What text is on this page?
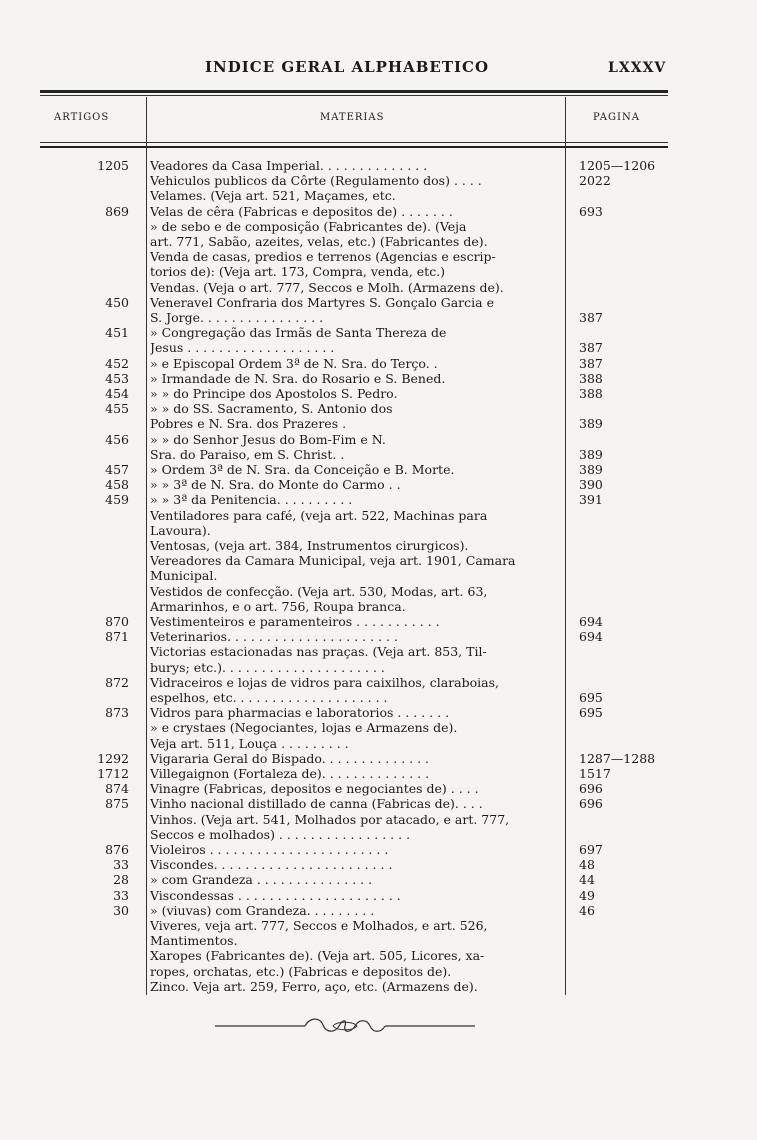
INDICE GERAL ALPHABETICO	LXXXV
ARTIGOS	MATERIAS	PAGINA
1205 Veadores da Casa Imperial. . . . . . . . . . . . . .	1205—1206
Vehiculos publicos da Côrte (Regulamento dos) . . . .	2022
Velames. (Veja art. 521, Maçames, etc.
869 Velas de cêra (Fabricas e depositos de) . . . . . . .	693
» de sebo e de composição (Fabricantes de). (Veja
art. 771, Sabão, azeites, velas, etc.) (Fabricantes de).
Venda de casas, predios e terrenos (Agencias e escrip-
torios de): (Veja art. 173, Compra, venda, etc.)
Vendas. (Veja o art. 777, Seccos e Molh. (Armazens de).
450 Veneravel Confraria dos Martyres S. Gonçalo Garcia e
S. Jorge. . . . . . . . . . . . . . . .	387
451 » Congregação das Irmãs de Santa Thereza de
Jesus . . . . . . . . . . . . . . . . . . .	387
452 » e Episcopal Ordem 3ª de N. Sra. do Terço. .	387
453 » Irmandade de N. Sra. do Rosario e S. Bened.	388
454 » » do Principe dos Apostolos S. Pedro.	388
455 » » do SS. Sacramento, S. Antonio dos
Pobres e N. Sra. dos Prazeres .	389
456 » » do Senhor Jesus do Bom-Fim e N.
Sra. do Paraiso, em S. Christ. .	389
457 » Ordem 3ª de N. Sra. da Conceição e B. Morte.	389
458 » » 3ª de N. Sra. do Monte do Carmo . .	390
459 » » 3ª da Penitencia. . . . . . . . . .	391
Ventiladores para café, (veja art. 522, Machinas para
Lavoura).
Ventosas, (veja art. 384, Instrumentos cirurgicos).
Vereadores da Camara Municipal, veja art. 1901, Camara
Municipal.
Vestidos de confecção. (Veja art. 530, Modas, art. 63,
Armarinhos, e o art. 756, Roupa branca.
870 Vestimenteiros e paramenteiros . . . . . . . . . . .	694
871 Veterinarios. . . . . . . . . . . . . . . . . . . . . .	694
Victorias estacionadas nas praças. (Veja art. 853, Til-
burys; etc.). . . . . . . . . . . . . . . . . . . . .
872 Vidraceiros e lojas de vidros para caixilhos, claraboias,
espelhos, etc. . . . . . . . . . . . . . . . . . . .	695
873 Vidros para pharmacias e laboratorios . . . . . . .	695
» e crystaes (Negociantes, lojas e Armazens de).
Veja art. 511, Louça . . . . . . . . .
1292 Vigararia Geral do Bispado. . . . . . . . . . . . . .	1287—1288
1712 Villegaignon (Fortaleza de). . . . . . . . . . . . . .	1517
874 Vinagre (Fabricas, depositos e negociantes de) . . . .	696
875 Vinho nacional distillado de canna (Fabricas de). . . .	696
Vinhos. (Veja art. 541, Molhados por atacado, e art. 777,
Seccos e molhados) . . . . . . . . . . . . . . . . .
876 Violeiros . . . . . . . . . . . . . . . . . . . . . . .	697
33 Viscondes. . . . . . . . . . . . . . . . . . . . . . .	48
28 » com Grandeza . . . . . . . . . . . . . . .	44
33 Viscondessas . . . . . . . . . . . . . . . . . . . . .	49
30 » (viuvas) com Grandeza. . . . . . . . .	46
Viveres, veja art. 777, Seccos e Molhados, e art. 526,
Mantimentos.
Xaropes (Fabricantes de). (Veja art. 505, Licores, xa-
ropes, orchatas, etc.) (Fabricas e depositos de).
Zinco. Veja art. 259, Ferro, aço, etc. (Armazens de).
